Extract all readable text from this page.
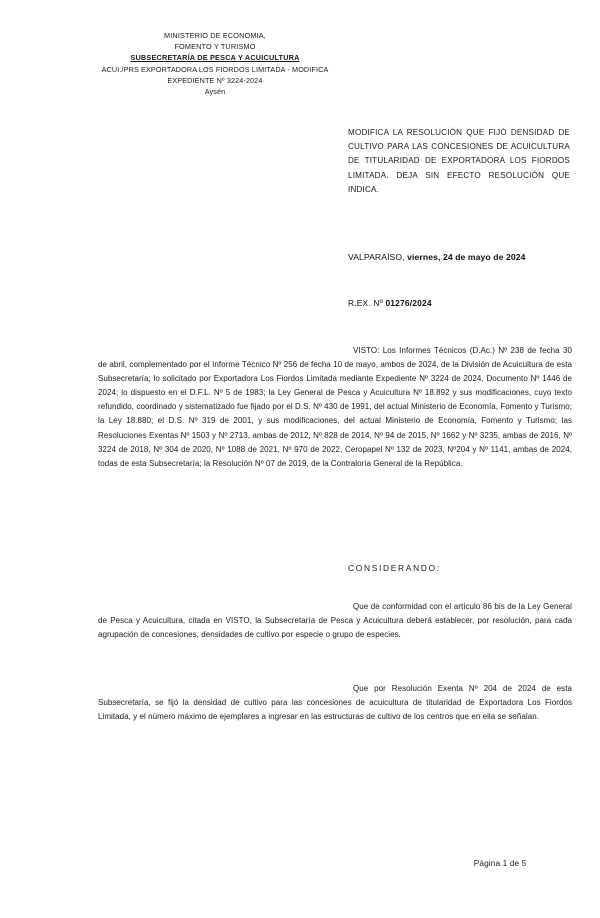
MINISTERIO DE ECONOMIA,
FOMENTO Y TURISMO
SUBSECRETARÍA DE PESCA Y ACUICULTURA
ACUI./PRS EXPORTADORA LOS FIORDOS LIMITADA - MODIFICA
EXPEDIENTE Nº 3224-2024
Aysén

MODIFICA LA RESOLUCIÓN QUE FIJÓ DENSIDAD DE CULTIVO PARA LAS CONCESIONES DE ACUICULTURA DE TITULARIDAD DE EXPORTADORA LOS FIORDOS LIMITADA. DEJA SIN EFECTO RESOLUCIÓN QUE INDICA.

VALPARAÍSO, viernes, 24 de mayo de 2024
R.EX. Nº 01276/2024

VISTO: Los Informes Técnicos (D.Ac.) Nº 238 de fecha 30 de abril, complementado por el Informe Técnico Nº 256 de fecha 10 de mayo, ambos de 2024, de la División de Acuicultura de esta Subsecretaría; lo solicitado por Exportadora Los Fiordos Limitada mediante Expediente Nº 3224 de 2024, Documento Nº 1446 de 2024; lo dispuesto en el D.F.L. Nº 5 de 1983; la Ley General de Pesca y Acuicultura Nº 18.892 y sus modificaciones, cuyo texto refundido, coordinado y sistematizado fue fijado por el D.S. Nº 430 de 1991, del actual Ministerio de Economía, Fomento y Turismo; la Ley 18.880; el D.S. Nº 319 de 2001, y sus modificaciones, del actual Ministerio de Economía, Fomento y Turismo; las Resoluciones Exentas Nº 1503 y Nº 2713, ambas de 2012, Nº 828 de 2014, Nº 94 de 2015, Nº 1662 y Nº 3235, ambas de 2016, Nº 3224 de 2018, Nº 304 de 2020, Nº 1088 de 2021, Nº 970 de 2022, Ceropapel Nº 132 de 2023, Nº204 y Nº 1141, ambas de 2024, todas de esta Subsecretaría; la Resolución Nº 07 de 2019, de la Contraloría General de la República.

CONSIDERANDO:

Que de conformidad con el artículo 86 bis de la Ley General de Pesca y Acuicultura, citada en VISTO, la Subsecretaría de Pesca y Acuicultura deberá establecer, por resolución, para cada agrupación de concesiones, densidades de cultivo por especie o grupo de especies.

Que por Resolución Exenta Nº 204 de 2024 de esta Subsecretaría, se fijó la densidad de cultivo para las concesiones de acuicultura de titularidad de Exportadora Los Fiordos Limitada, y el número máximo de ejemplares a ingresar en las estructuras de cultivo de los centros que en ella se señalan.

Página 1 de 5
